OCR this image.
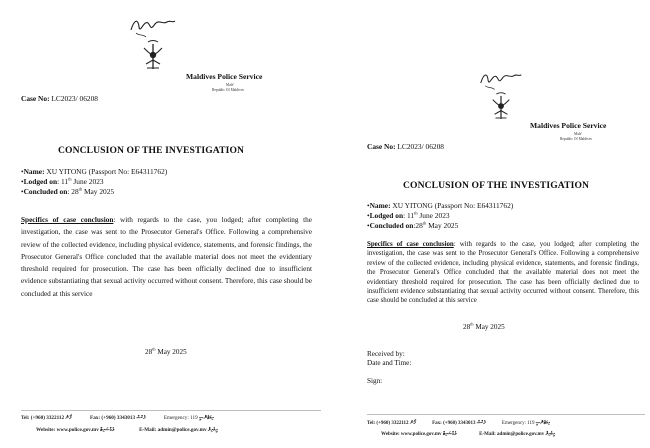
Maldives Police Service
Male'
Republic Of Maldives
Case No: LC2023/ 06208
CONCLUSION OF THE INVESTIGATION
•Name: XU YITONG (Passport No: E64311762)
•Lodged on: 11th June 2023
•Concluded on: 28th May 2025
Specifics of case conclusion: with regards to the case, you lodged; after completing the investigation, the case was sent to the Prosecutor General's Office. Following a comprehensive review of the collected evidence, including physical evidence, statements, and forensic findings, the Prosecutor General's Office concluded that the available material does not meet the evidentiary threshold required for prosecution. The case has been officially declined due to insufficient evidence substantiating that sexual activity occurred without consent. Therefore, this case should be concluded at this service
28th May 2025
Tel: (+960) 3322112 ފޯނު	Fax: (+960) 3343013 ފެކްސް	Emergency: 119 އިމަޖެންސީ
Website: www.police.gov.mv ވެބްސައިޓް	E-Mail: admin@police.gov.mv އީމެއިލް
Maldives Police Service
Male'
Republic Of Maldives
Case No: LC2023/ 06208
CONCLUSION OF THE INVESTIGATION
•Name: XU YITONG (Passport No: E64311762)
•Lodged on: 11th June 2023
•Concluded on:28th May 2025
Specifics of case conclusion: with regards to the case, you lodged; after completing the investigation, the case was sent to the Prosecutor General's Office. Following a comprehensive review of the collected evidence, including physical evidence, statements, and forensic findings, the Prosecutor General's Office concluded that the available material does not meet the evidentiary threshold required for prosecution. The case has been officially declined due to insufficient evidence substantiating that sexual activity occurred without consent. Therefore, this case should be concluded at this service
28th May 2025
Received by:
Date and Time:
Sign:
Tel: (+960) 3322112 ފޯނު	Fax: (+960) 3343013 ފެކްސް	Emergency: 119 އިމަޖެންސީ
Website: www.police.gov.mv ވެބްސައިޓް	E-Mail: admin@police.gov.mv އީމެއިލް
